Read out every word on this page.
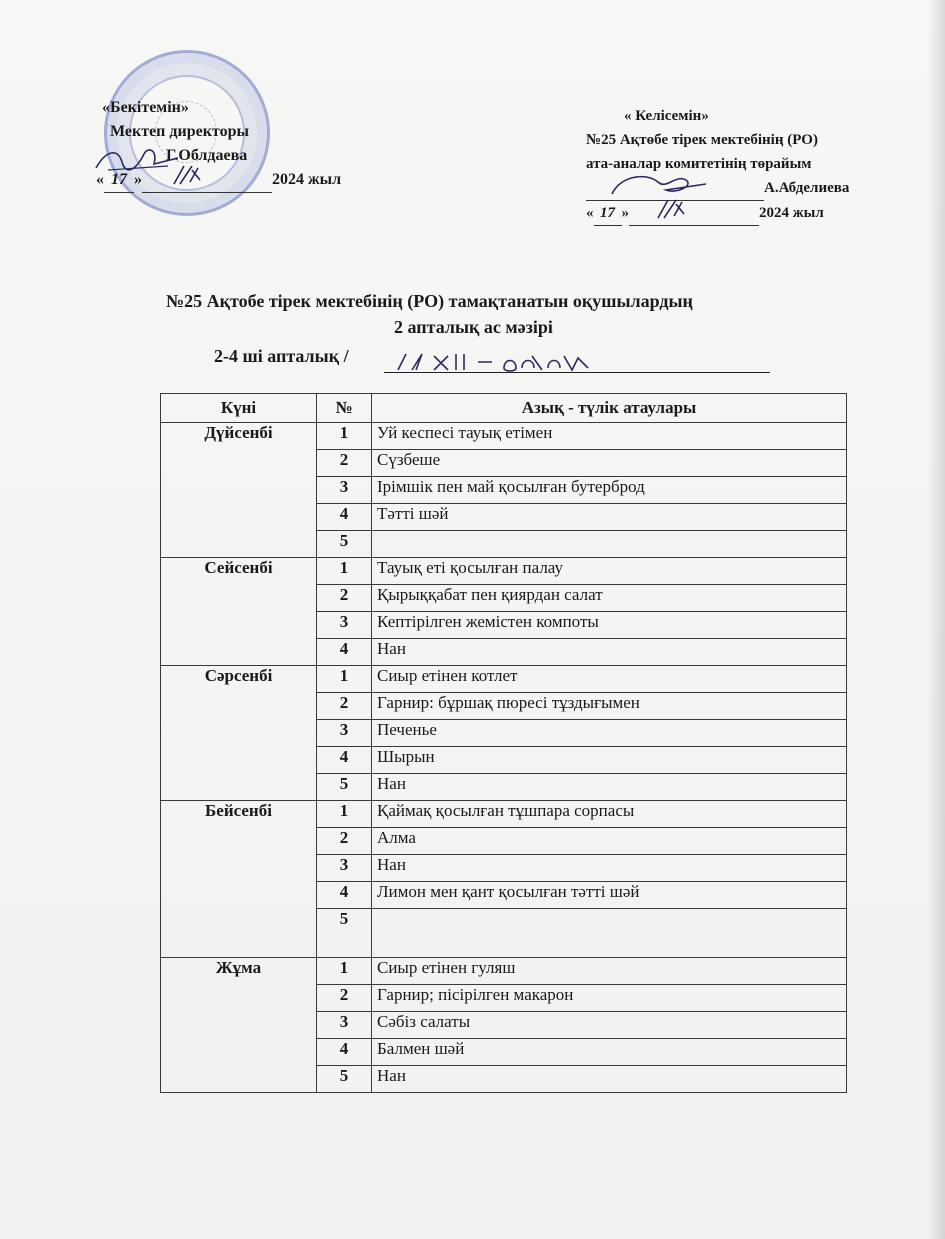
«Бекітемін»
Мектеп директоры
Г.Облдаева
« 17 »	2024 жыл
« Келісемін»
№25 Ақтөбе тірек мектебінің (РО)
ата-аналар комитетінің төрайым
А.Абделиева
« 17 »	2024 жыл
№25 Ақтобе тірек мектебінің (РО) тамақтанатын оқушылардың
2 апталық ас мәзірі
2-4 ші апталық /
Күні	№	Азық - түлік атаулары
Дүйсенбі	1	Уй кеспесі тауық етімен
	2	Сүзбеше
	3	Ірімшік пен май қосылған бутерброд
	4	Тәтті шәй
	5	
Сейсенбі	1	Тауық еті қосылған палау
	2	Қырыққабат пен қиярдан салат
	3	Кептірілген жемістен компоты
	4	Нан
Сәрсенбі	1	Сиыр етінен котлет
	2	Гарнир: бұршақ пюресі тұздығымен
	3	Печенье
	4	Шырын
	5	Нан
Бейсенбі	1	Қаймақ қосылған тұшпара сорпасы
	2	Алма
	3	Нан
	4	Лимон мен қант қосылған тәтті шәй
	5	
Жұма	1	Сиыр етінен гуляш
	2	Гарнир; пісірілген макарон
	3	Сәбіз салаты
	4	Балмен шәй
	5	Нан
